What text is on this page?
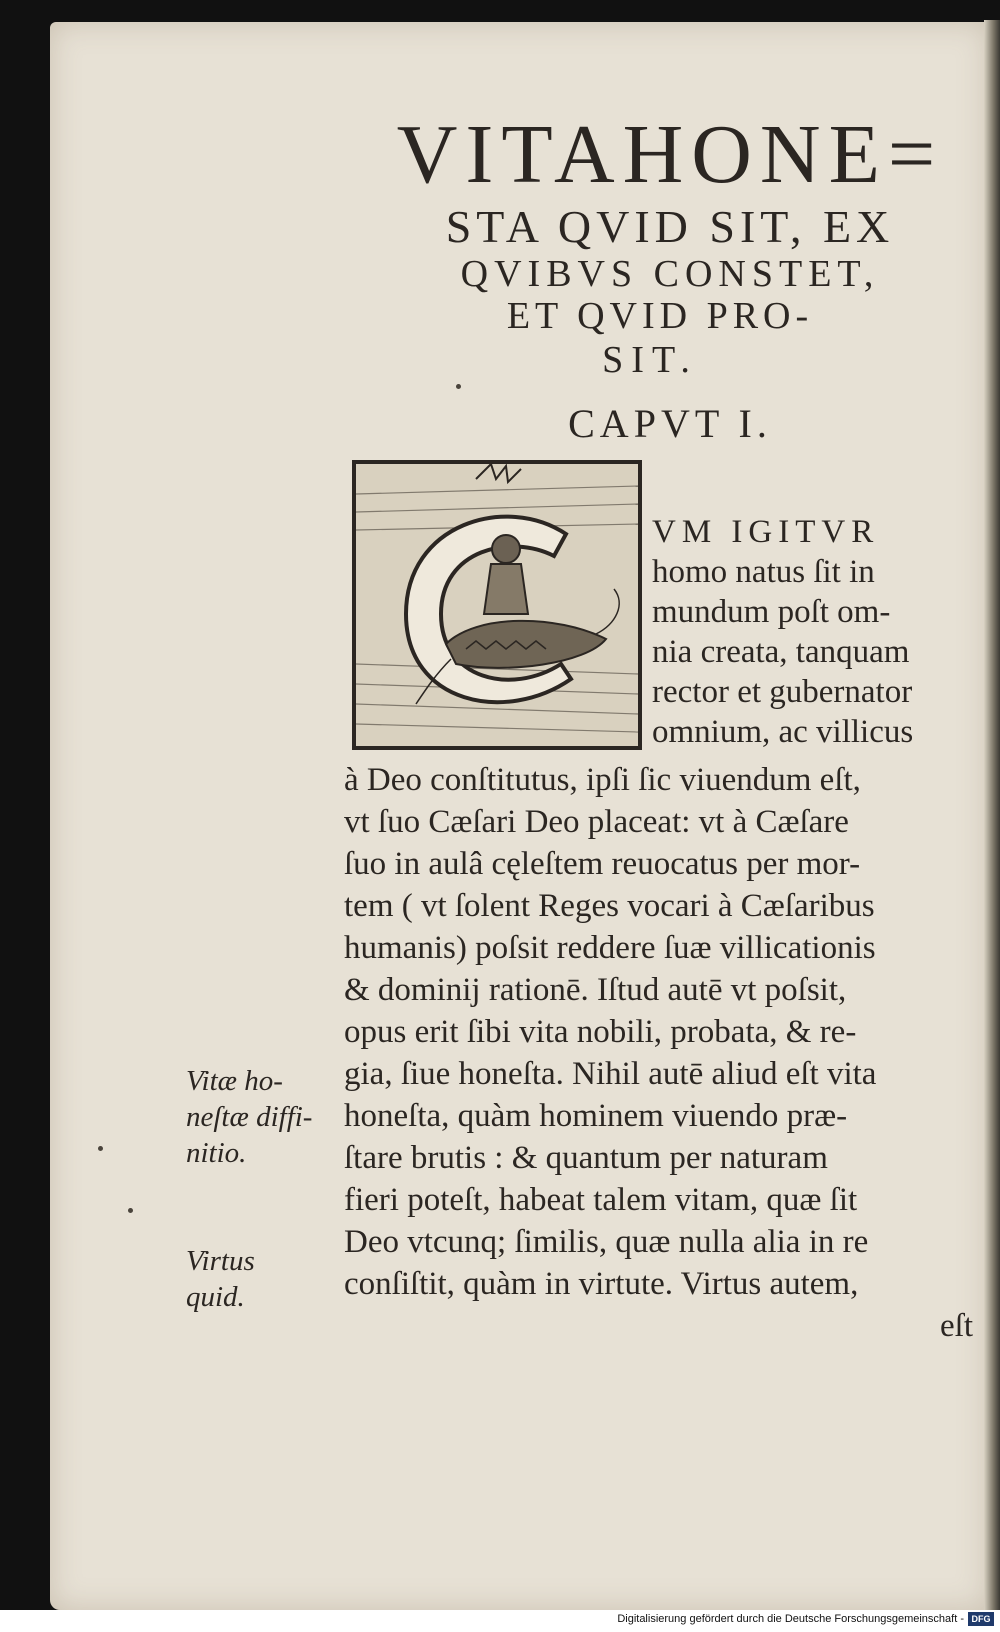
VITAHONE=
STA QVID SIT, EX
QVIBVS CONSTET,
ET QVID PRO-
SIT.
CAPVT I.
VM IGITVR
homo natus ſit in
mundum poſt om-
nia creata, tanquam
rector et gubernator
omnium, ac villicus
à Deo conſtitutus, ipſi ſic viuendum eſt,
vt ſuo Cæſari Deo placeat: vt à Cæſare
ſuo in aulâ cęleſtem reuocatus per mor-
tem ( vt ſolent Reges vocari à Cæſaribus
humanis) poſsit reddere ſuæ villicationis
& dominij rationē. Iſtud autē vt poſsit,
opus erit ſibi vita nobili, probata, & re-
gia, ſiue honeſta. Nihil autē aliud eſt vita
honeſta, quàm hominem viuendo præ-
ſtare brutis : & quantum per naturam
fieri poteſt, habeat talem vitam, quæ ſit
Deo vtcunq; ſimilis, quæ nulla alia in re
conſiſtit, quàm in virtute. Virtus autem,
eſt
Vitæ ho-
neſtæ diffi-
nitio.
Virtus
quid.
Digitalisierung gefördert durch die Deutsche Forschungsgemeinschaft - DFG
